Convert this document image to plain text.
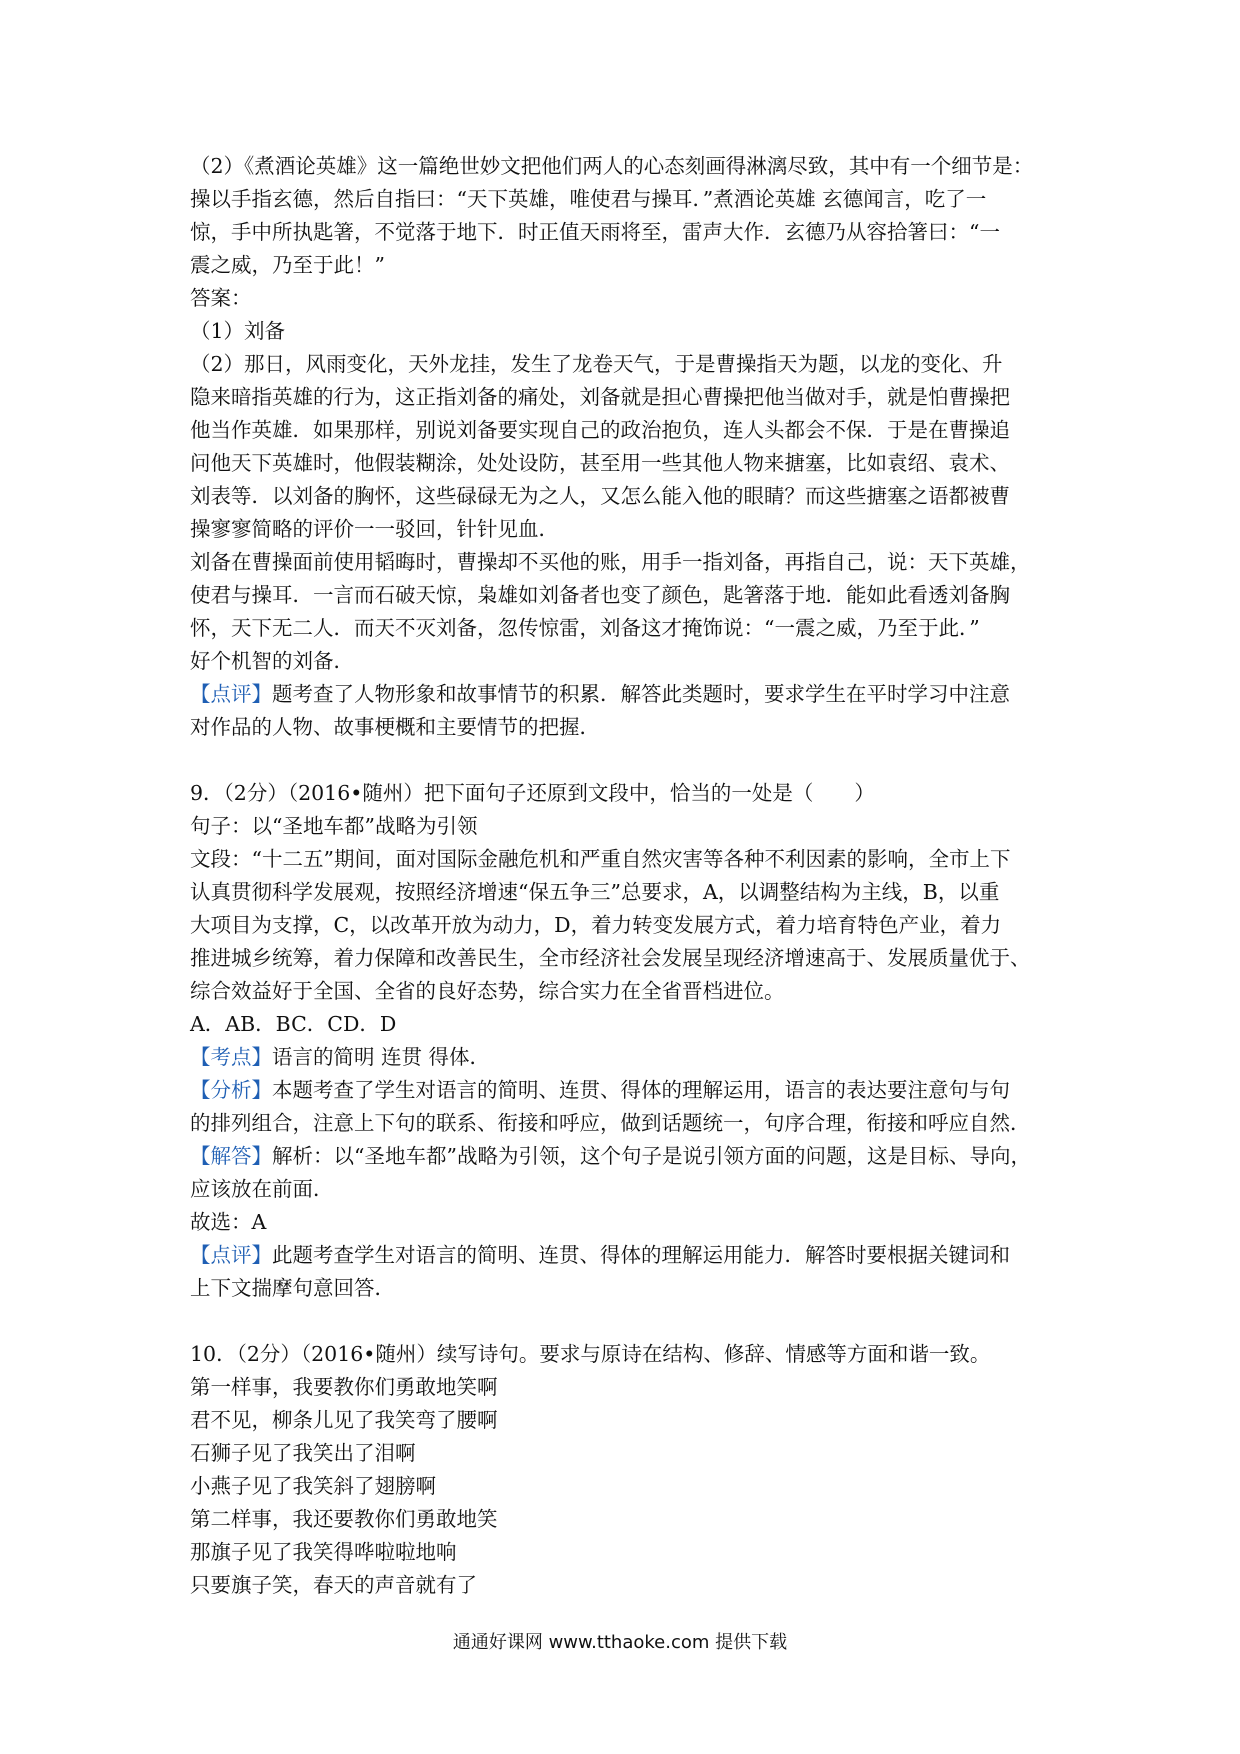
（2）《煮酒论英雄》这一篇绝世妙文把他们两人的心态刻画得淋漓尽致，其中有一个细节是：
操以手指玄德，然后自指曰：“天下英雄，唯使君与操耳．”煮酒论英雄 玄德闻言，吃了一
惊，手中所执匙箸，不觉落于地下．时正值天雨将至，雷声大作．玄德乃从容拾箸曰：“一
震之威，乃至于此！”
答案：
（1）刘备
（2）那日，风雨变化，天外龙挂，发生了龙卷天气，于是曹操指天为题，以龙的变化、升
隐来暗指英雄的行为，这正指刘备的痛处，刘备就是担心曹操把他当做对手，就是怕曹操把
他当作英雄．如果那样，别说刘备要实现自己的政治抱负，连人头都会不保．于是在曹操追
问他天下英雄时，他假装糊涂，处处设防，甚至用一些其他人物来搪塞，比如袁绍、袁术、
刘表等．以刘备的胸怀，这些碌碌无为之人，又怎么能入他的眼睛？而这些搪塞之语都被曹
操寥寥简略的评价一一驳回，针针见血．
刘备在曹操面前使用韬晦时，曹操却不买他的账，用手一指刘备，再指自己，说：天下英雄，
使君与操耳．一言而石破天惊，枭雄如刘备者也变了颜色，匙箸落于地．能如此看透刘备胸
怀，天下无二人．而天不灭刘备，忽传惊雷，刘备这才掩饰说：“一震之威，乃至于此．”
好个机智的刘备．
【点评】题考查了人物形象和故事情节的积累．解答此类题时，要求学生在平时学习中注意
对作品的人物、故事梗概和主要情节的把握．
9．（2分）（2016•随州）把下面句子还原到文段中，恰当的一处是（　　）
句子：以“圣地车都”战略为引领
文段：“十二五”期间，面对国际金融危机和严重自然灾害等各种不利因素的影响，全市上下
认真贯彻科学发展观，按照经济增速“保五争三”总要求，A，以调整结构为主线，B，以重
大项目为支撑，C，以改革开放为动力，D，着力转变发展方式，着力培育特色产业，着力
推进城乡统筹，着力保障和改善民生，全市经济社会发展呈现经济增速高于、发展质量优于、
综合效益好于全国、全省的良好态势，综合实力在全省晋档进位。
A．AB．BC．CD．D
【考点】语言的简明 连贯 得体．
【分析】本题考查了学生对语言的简明、连贯、得体的理解运用，语言的表达要注意句与句
的排列组合，注意上下句的联系、衔接和呼应，做到话题统一，句序合理，衔接和呼应自然．
【解答】解析：以“圣地车都”战略为引领，这个句子是说引领方面的问题，这是目标、导向，
应该放在前面．
故选：A
【点评】此题考查学生对语言的简明、连贯、得体的理解运用能力．解答时要根据关键词和
上下文揣摩句意回答．
10．（2分）（2016•随州）续写诗句。要求与原诗在结构、修辞、情感等方面和谐一致。
第一样事，我要教你们勇敢地笑啊
君不见，柳条儿见了我笑弯了腰啊
石狮子见了我笑出了泪啊
小燕子见了我笑斜了翅膀啊
第二样事，我还要教你们勇敢地笑
那旗子见了我笑得哗啦啦地响
只要旗子笑，春天的声音就有了
通通好课网 www.tthaoke.com 提供下载
